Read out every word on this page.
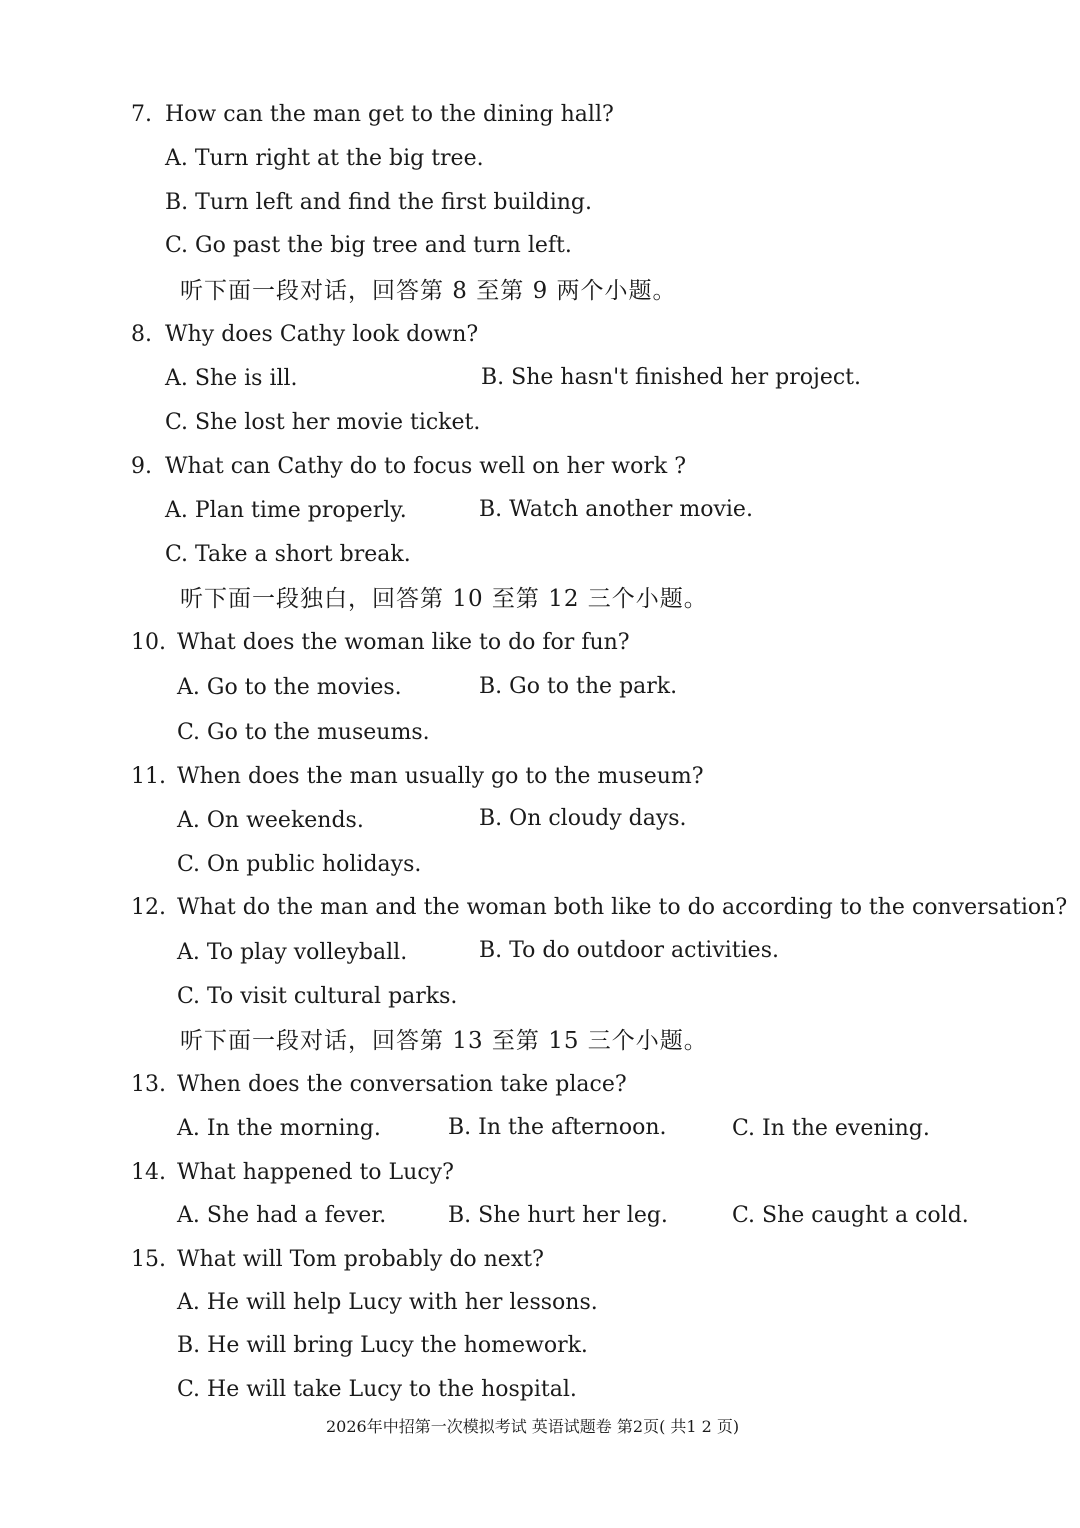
7. How can the man get to the dining hall?
A. Turn right at the big tree.
B. Turn left and find the first building.
C. Go past the big tree and turn left.
听下面一段对话，回答第 8 至第 9 两个小题。
8. Why does Cathy look down?
A. She is ill.	B. She hasn't finished her project.
C. She lost her movie ticket.
9. What can Cathy do to focus well on her work ?
A. Plan time properly.	B. Watch another movie.
C. Take a short break.
听下面一段独白，回答第 10 至第 12 三个小题。
10. What does the woman like to do for fun?
A. Go to the movies.	B. Go to the park.
C. Go to the museums.
11. When does the man usually go to the museum?
A. On weekends.	B. On cloudy days.
C. On public holidays.
12. What do the man and the woman both like to do according to the conversation?
A. To play volleyball.	B. To do outdoor activities.
C. To visit cultural parks.
听下面一段对话，回答第 13 至第 15 三个小题。
13. When does the conversation take place?
A. In the morning.	B. In the afternoon.	C. In the evening.
14. What happened to Lucy?
A. She had a fever.	B. She hurt her leg.	C. She caught a cold.
15. What will Tom probably do next?
A. He will help Lucy with her lessons.
B. He will bring Lucy the homework.
C. He will take Lucy to the hospital.
2026年中招第一次模拟考试 英语试题卷 第2页( 共1 2 页)
